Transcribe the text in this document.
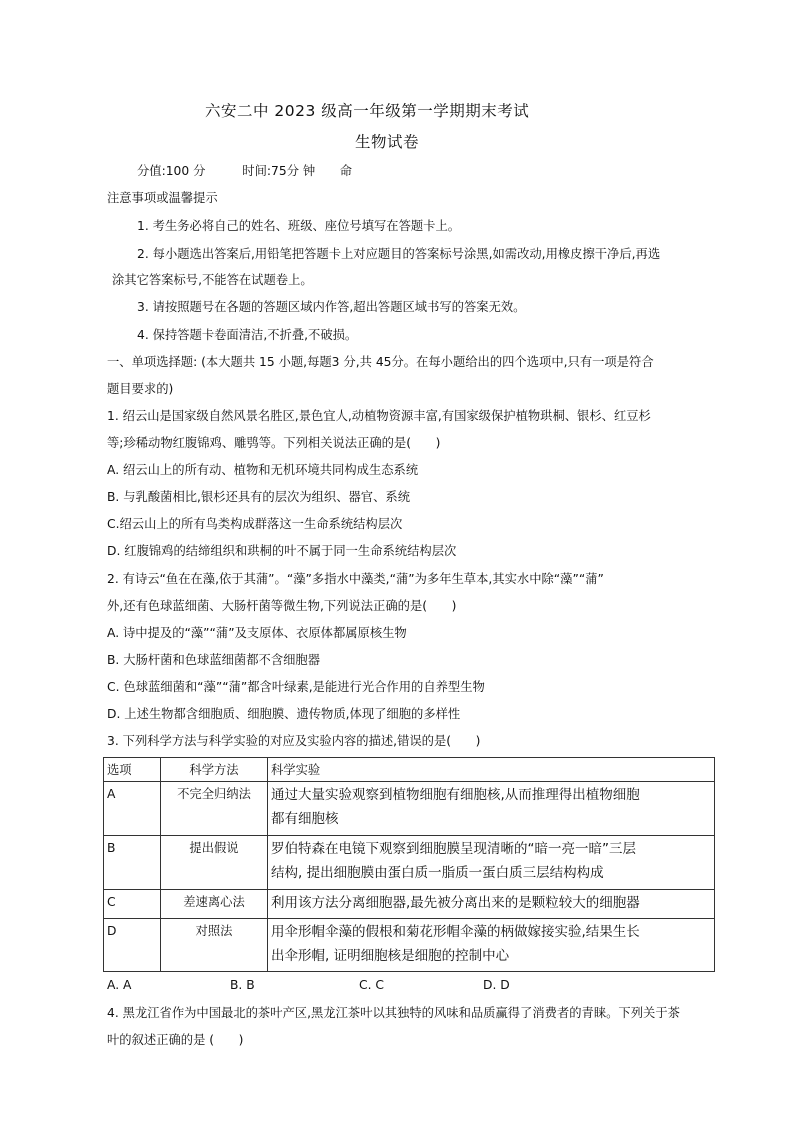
六安二中 2023 级高一年级第一学期期末考试
生物试卷
分值:100 分　　　时间:75分 钟　　命
注意事项或温馨提示
1. 考生务必将自己的姓名、班级、座位号填写在答题卡上。
2. 每小题选出答案后,用铅笔把答题卡上对应题目的答案标号涂黑,如需改动,用橡皮擦干净后,再选
涂其它答案标号,不能答在试题卷上。
3. 请按照题号在各题的答题区域内作答,超出答题区域书写的答案无效。
4. 保持答题卡卷面清洁,不折叠,不破损。
一、单项选择题: (本大题共 15 小题,每题3 分,共 45分。在每小题给出的四个选项中,只有一项是符合
题目要求的)
1. 绍云山是国家级自然风景名胜区,景色宜人,动植物资源丰富,有国家级保护植物珙桐、银杉、红豆杉
等;珍稀动物红腹锦鸡、雕鸮等。下列相关说法正确的是(　　)
A. 绍云山上的所有动、植物和无机环境共同构成生态系统
B. 与乳酸菌相比,银杉还具有的层次为组织、器官、系统
C.绍云山上的所有鸟类构成群落这一生命系统结构层次
D. 红腹锦鸡的结缔组织和珙桐的叶不属于同一生命系统结构层次
2. 有诗云“鱼在在藻,依于其蒲”。“藻”多指水中藻类,“蒲”为多年生草本,其实水中除“藻”“蒲”
外,还有色球蓝细菌、大肠杆菌等微生物,下列说法正确的是(　　)
A. 诗中提及的“藻”“蒲”及支原体、衣原体都属原核生物
B. 大肠杆菌和色球蓝细菌都不含细胞器
C. 色球蓝细菌和“藻”“蒲”都含叶绿素,是能进行光合作用的自养型生物
D. 上述生物都含细胞质、细胞膜、遗传物质,体现了细胞的多样性
3. 下列科学方法与科学实验的对应及实验内容的描述,错误的是(　　)
选项	科学方法	科学实验
A	不完全归纳法	通过大量实验观察到植物细胞有细胞核,从而推理得出植物细胞
都有细胞核
B	提出假说	罗伯特森在电镜下观察到细胞膜呈现清晰的“暗一亮一暗”三层
结构, 提出细胞膜由蛋白质一脂质一蛋白质三层结构构成
C	差速离心法	利用该方法分离细胞器,最先被分离出来的是颗粒较大的细胞器
D	对照法	用伞形帽伞藻的假根和菊花形帽伞藻的柄做嫁接实验,结果生长
出伞形帽, 证明细胞核是细胞的控制中心
A. A	B. B	C. C	D. D
4. 黑龙江省作为中国最北的茶叶产区,黑龙江茶叶以其独特的风味和品质赢得了消费者的青睐。下列关于茶
叶的叙述正确的是 (　　)
